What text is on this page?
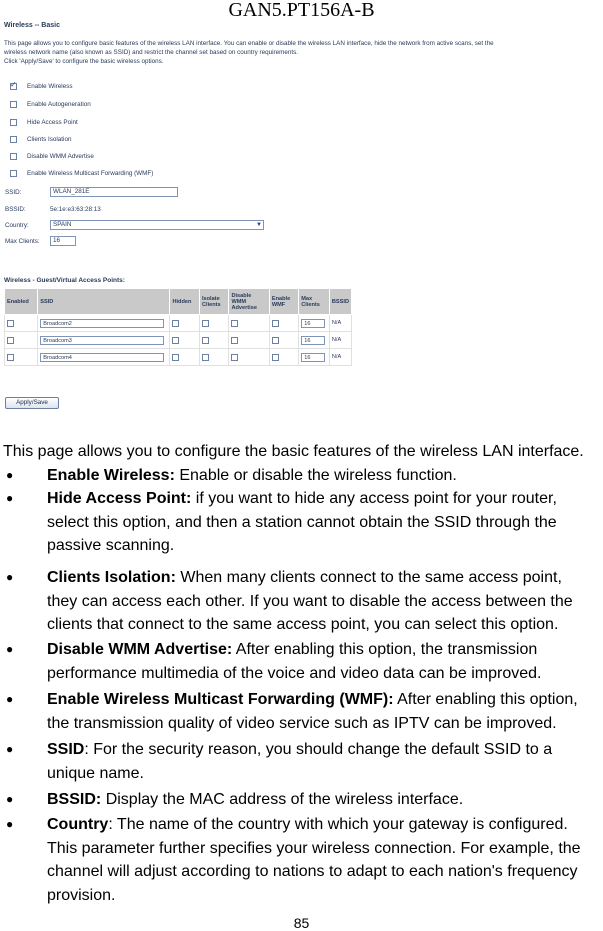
GAN5.PT156A-B
Wireless -- Basic
This page allows you to configure basic features of the wireless LAN interface. You can enable or disable the wireless LAN interface, hide the network from active scans, set the
wireless network name (also known as SSID) and restrict the channel set based on country requirements.
Click 'Apply/Save' to configure the basic wireless options.
✓
Enable Wireless
Enable Autogeneration
Hide Access Point
Clients Isolation
Disable WMM Advertise
Enable Wireless Multicast Forwarding (WMF)
SSID:	WLAN_281E
BSSID:	5e:1e:e3:63:28:13
Country:	SPAIN	▼
Max Clients:	16
Wireless - Guest/Virtual Access Points:
Enabled	SSID	Hidden	Isolate Clients	Disable WMM Advertise	Enable WMF	Max Clients	BSSID
	Broadcom2					16	N/A
	Broadcom3					16	N/A
	Broadcom4					16	N/A
Apply/Save
This page allows you to configure the basic features of the wireless LAN interface.
● Enable Wireless: Enable or disable the wireless function.
● Hide Access Point: if you want to hide any access point for your router,
select this option, and then a station cannot obtain the SSID through the
passive scanning.
● Clients Isolation: When many clients connect to the same access point,
they can access each other. If you want to disable the access between the
clients that connect to the same access point, you can select this option.
● Disable WMM Advertise: After enabling this option, the transmission
performance multimedia of the voice and video data can be improved.
● Enable Wireless Multicast Forwarding (WMF): After enabling this option,
the transmission quality of video service such as IPTV can be improved.
● SSID: For the security reason, you should change the default SSID to a
unique name.
● BSSID: Display the MAC address of the wireless interface.
● Country: The name of the country with which your gateway is configured.
This parameter further specifies your wireless connection. For example, the
channel will adjust according to nations to adapt to each nation's frequency
provision.
85
